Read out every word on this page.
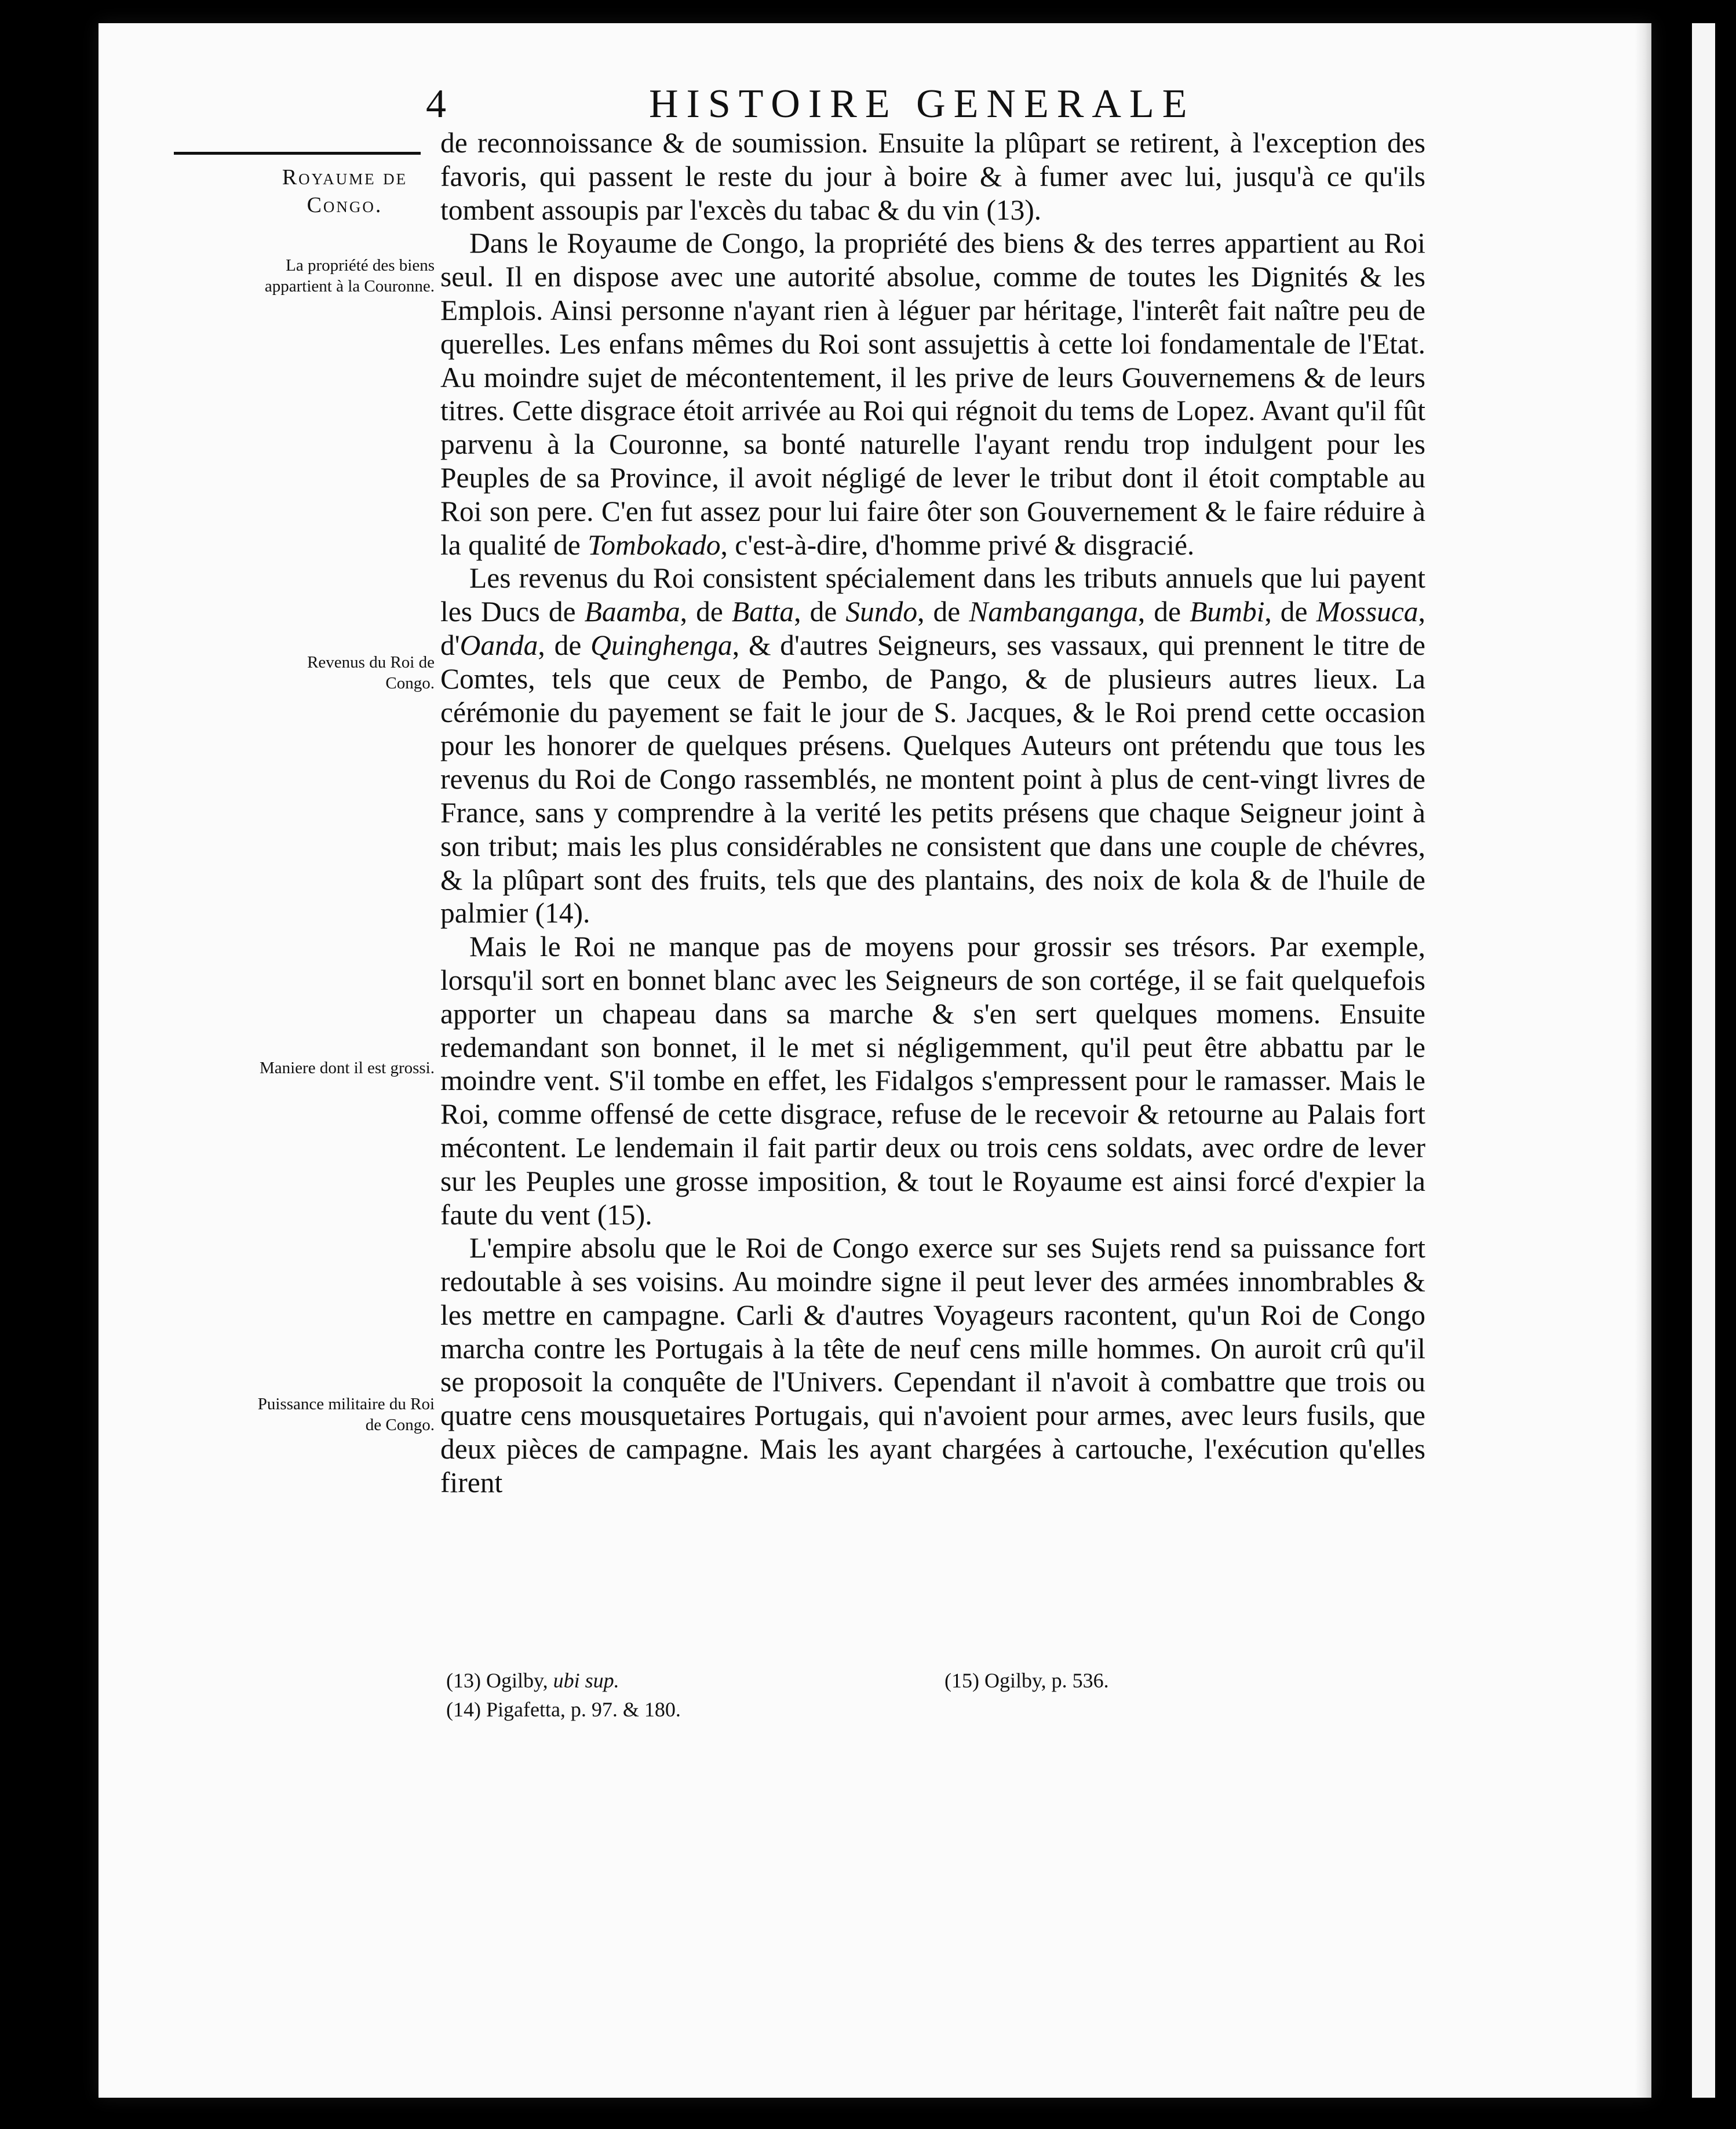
4	HISTOIRE GENERALE
Royaume de Congo.
La propriété des biens appartient à la Couronne.
Revenus du Roi de Congo.
Maniere dont il est grossi.
Puissance militaire du Roi de Congo.

de reconnoissance & de soumission. Ensuite la plûpart se retirent, à l'exception des favoris, qui passent le reste du jour à boire & à fumer avec lui, jusqu'à ce qu'ils tombent assoupis par l'excès du tabac & du vin (13).

Dans le Royaume de Congo, la propriété des biens & des terres appartient au Roi seul. Il en dispose avec une autorité absolue, comme de toutes les Dignités & les Emplois. Ainsi personne n'ayant rien à léguer par héritage, l'interêt fait naître peu de querelles. Les enfans mêmes du Roi sont assujettis à cette loi fondamentale de l'Etat. Au moindre sujet de mécontentement, il les prive de leurs Gouvernemens & de leurs titres. Cette disgrace étoit arrivée au Roi qui régnoit du tems de Lopez. Avant qu'il fût parvenu à la Couronne, sa bonté naturelle l'ayant rendu trop indulgent pour les Peuples de sa Province, il avoit négligé de lever le tribut dont il étoit comptable au Roi son pere. C'en fut assez pour lui faire ôter son Gouvernement & le faire réduire à la qualité de Tombokado, c'est-à-dire, d'homme privé & disgracié.

Les revenus du Roi consistent spécialement dans les tributs annuels que lui payent les Ducs de Baamba, de Batta, de Sundo, de Nambanganga, de Bumbi, de Mossuca, d'Oanda, de Quinghenga, & d'autres Seigneurs, ses vassaux, qui prennent le titre de Comtes, tels que ceux de Pembo, de Pango, & de plusieurs autres lieux. La cérémonie du payement se fait le jour de S. Jacques, & le Roi prend cette occasion pour les honorer de quelques présens. Quelques Auteurs ont prétendu que tous les revenus du Roi de Congo rassemblés, ne montent point à plus de cent-vingt livres de France, sans y comprendre à la verité les petits présens que chaque Seigneur joint à son tribut; mais les plus considérables ne consistent que dans une couple de chévres, & la plûpart sont des fruits, tels que des plantains, des noix de kola & de l'huile de palmier (14).

Mais le Roi ne manque pas de moyens pour grossir ses trésors. Par exemple, lorsqu'il sort en bonnet blanc avec les Seigneurs de son cortége, il se fait quelquefois apporter un chapeau dans sa marche & s'en sert quelques momens. Ensuite redemandant son bonnet, il le met si négligemment, qu'il peut être abbattu par le moindre vent. S'il tombe en effet, les Fidalgos s'empressent pour le ramasser. Mais le Roi, comme offensé de cette disgrace, refuse de le recevoir & retourne au Palais fort mécontent. Le lendemain il fait partir deux ou trois cens soldats, avec ordre de lever sur les Peuples une grosse imposition, & tout le Royaume est ainsi forcé d'expier la faute du vent (15).

L'empire absolu que le Roi de Congo exerce sur ses Sujets rend sa puissance fort redoutable à ses voisins. Au moindre signe il peut lever des armées innombrables & les mettre en campagne. Carli & d'autres Voyageurs racontent, qu'un Roi de Congo marcha contre les Portugais à la tête de neuf cens mille hommes. On auroit crû qu'il se proposoit la conquête de l'Univers. Cependant il n'avoit à combattre que trois ou quatre cens mousquetaires Portugais, qui n'avoient pour armes, avec leurs fusils, que deux pièces de campagne. Mais les ayant chargées à cartouche, l'exécution qu'elles firent

(13) Ogilby, ubi sup.
(14) Pigafetta, p. 97. & 180.
(15) Ogilby, p. 536.
